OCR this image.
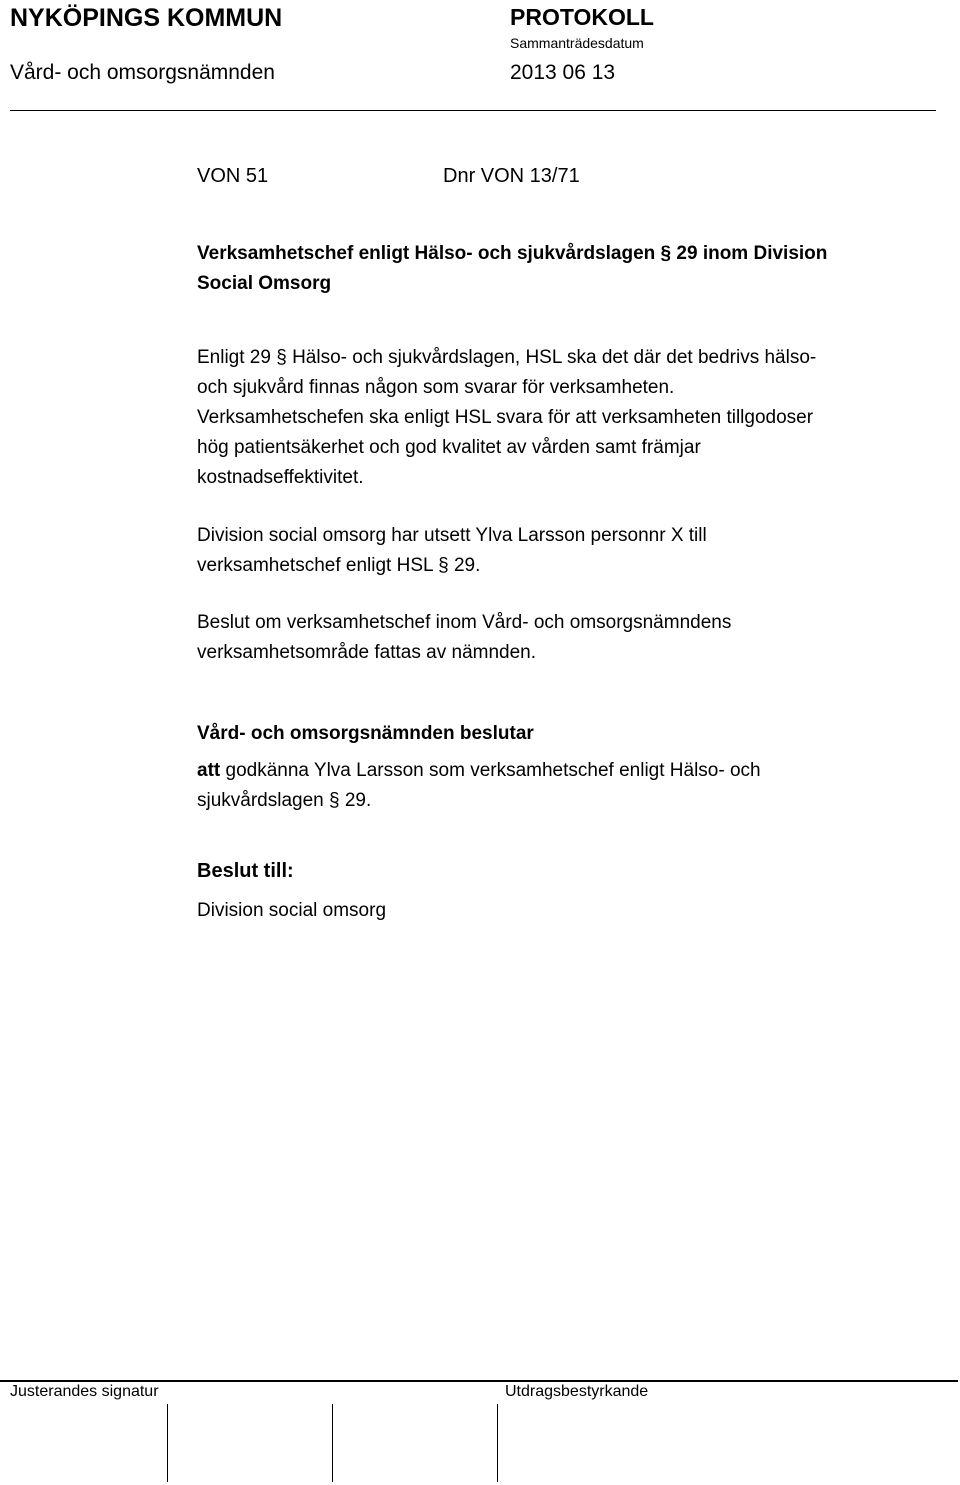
NYKÖPINGS KOMMUN	PROTOKOLL
Sammanträdesdatum
Vård- och omsorgsnämnden	2013 06 13
VON 51	Dnr VON 13/71
Verksamhetschef enligt Hälso- och sjukvårdslagen § 29 inom Division
Social Omsorg
Enligt 29 § Hälso- och sjukvårdslagen, HSL ska det där det bedrivs hälso-
och sjukvård finnas någon som svarar för verksamheten.
Verksamhetschefen ska enligt HSL svara för att verksamheten tillgodoser
hög patientsäkerhet och god kvalitet av vården samt främjar
kostnadseffektivitet.
Division social omsorg har utsett Ylva Larsson personnr X till
verksamhetschef enligt HSL § 29.
Beslut om verksamhetschef inom Vård- och omsorgsnämndens
verksamhetsområde fattas av nämnden.
Vård- och omsorgsnämnden beslutar
att godkänna Ylva Larsson som verksamhetschef enligt Hälso- och
sjukvårdslagen § 29.
Beslut till:
Division social omsorg
Justerandes signatur	Utdragsbestyrkande
